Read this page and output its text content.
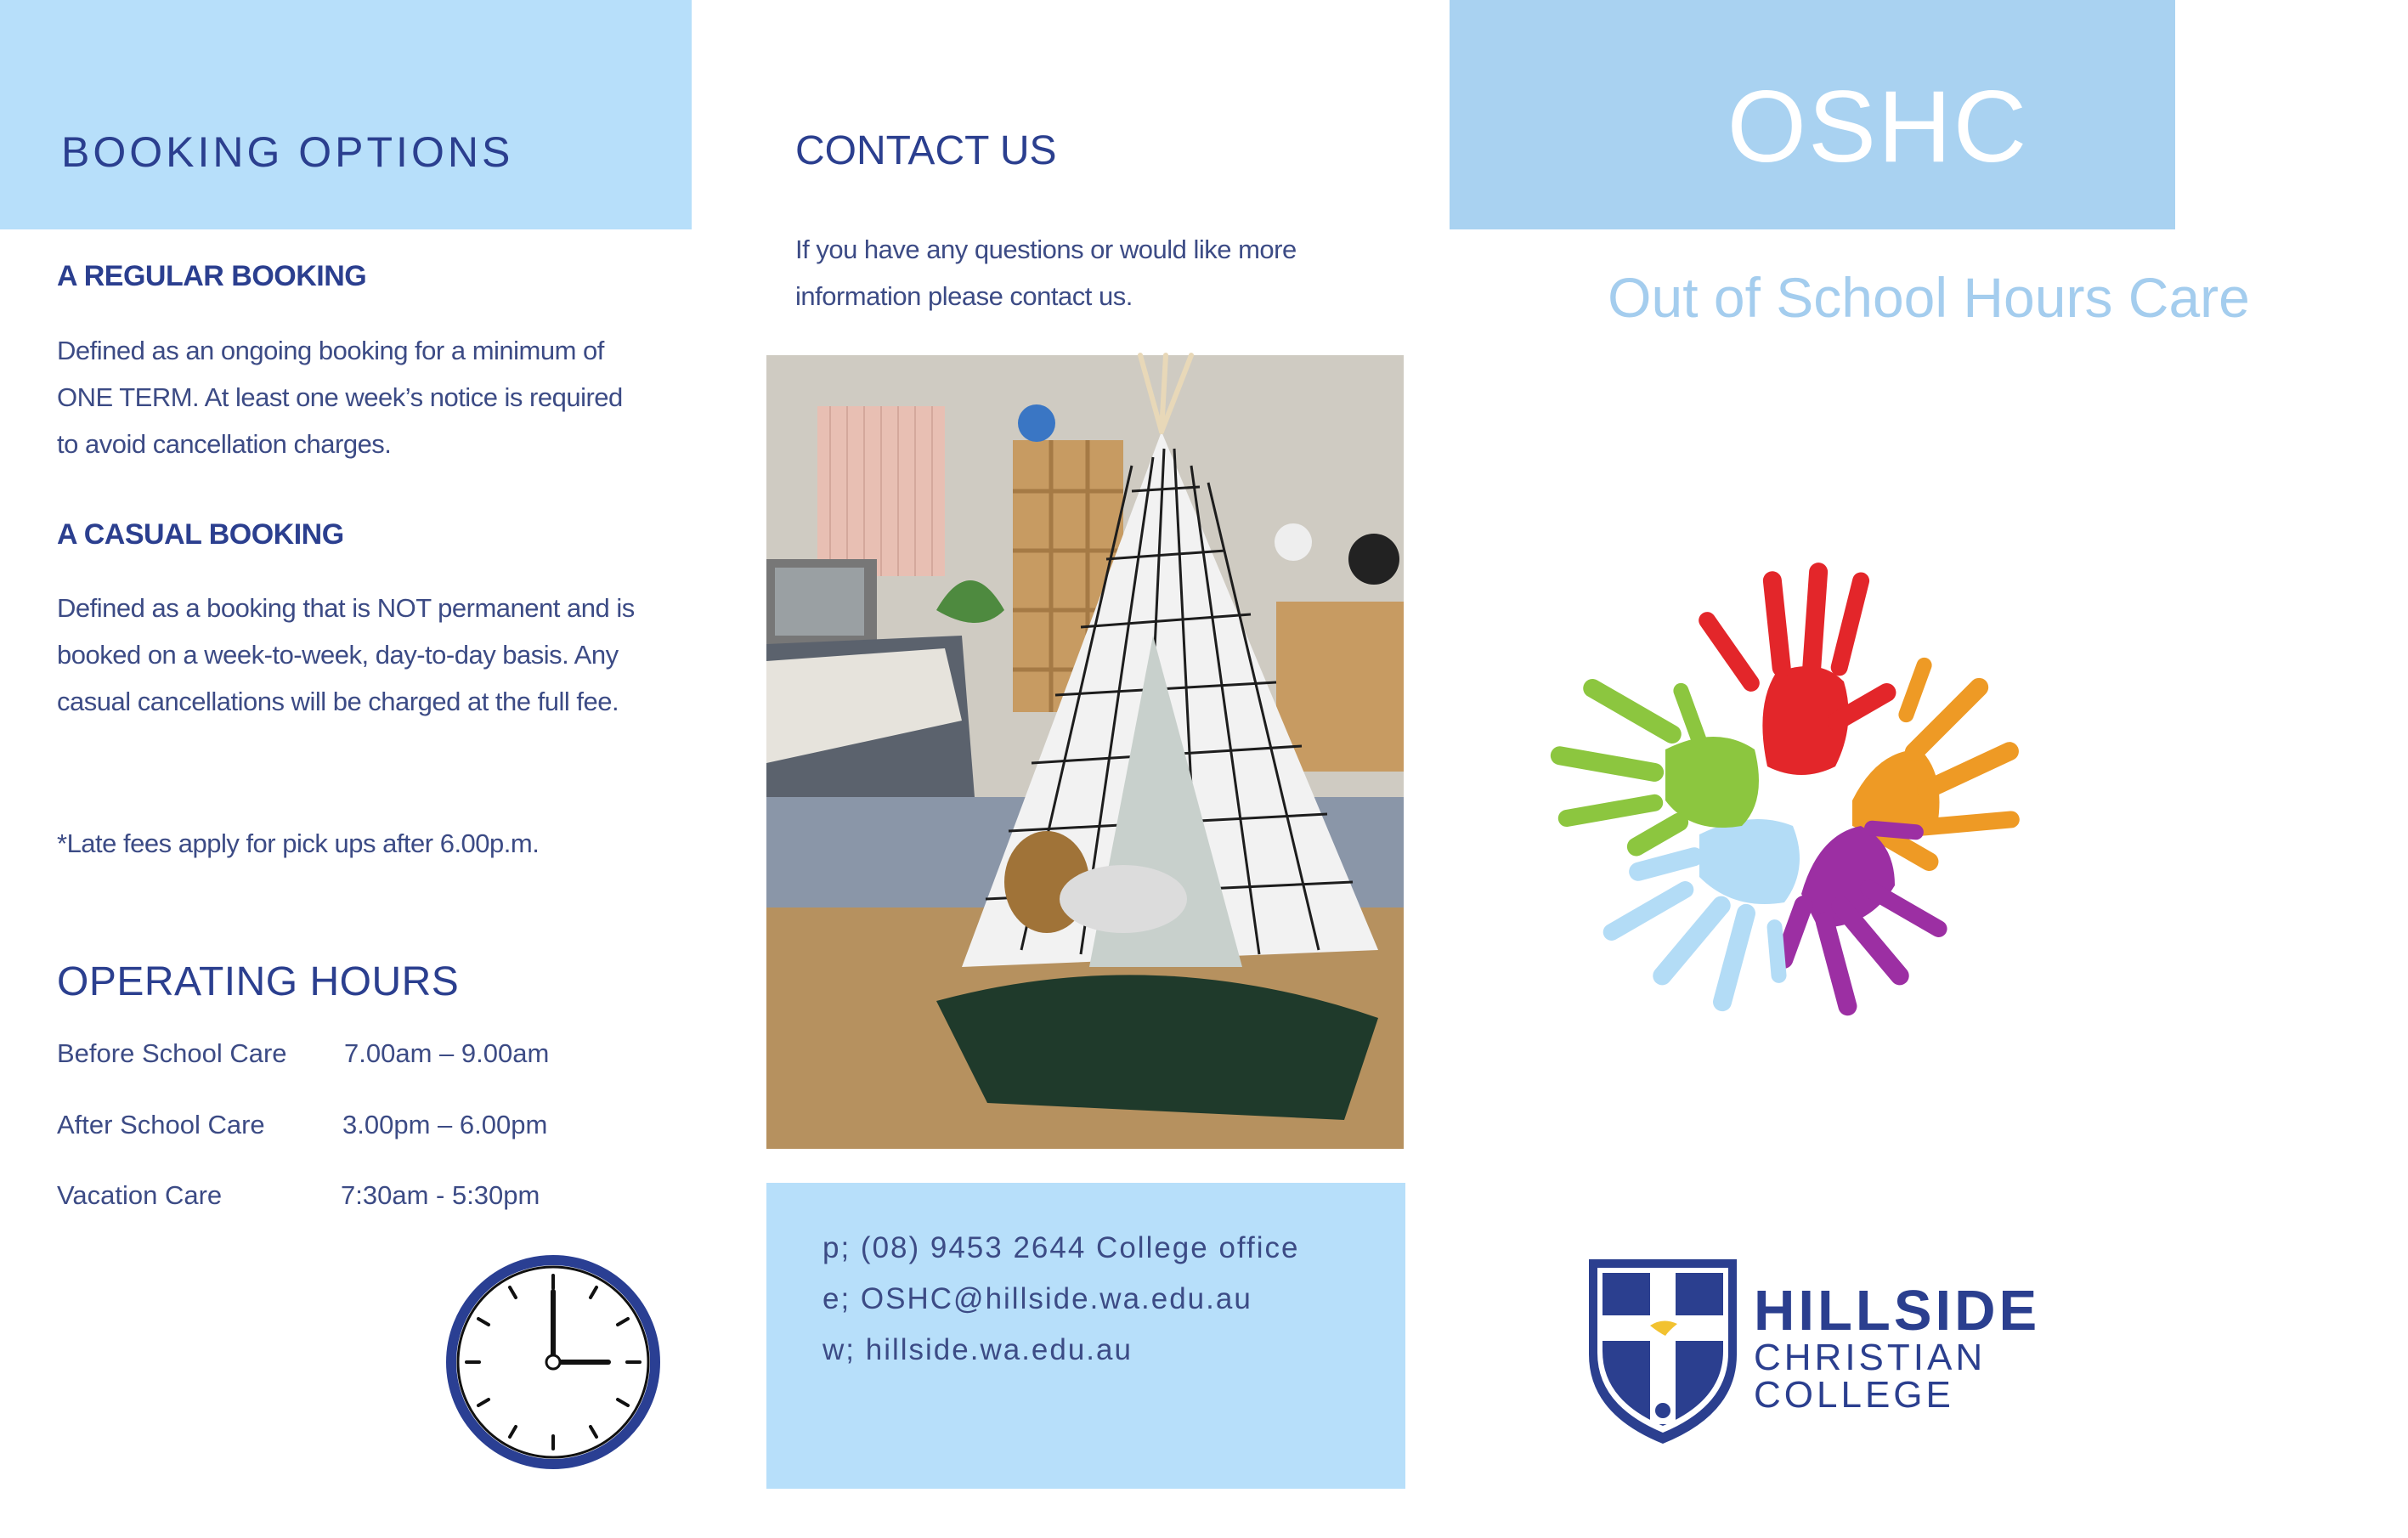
BOOKING OPTIONS
A REGULAR BOOKING
Defined as an ongoing booking for a minimum of ONE TERM. At least one week’s notice is required to avoid cancellation charges.
A CASUAL BOOKING
Defined as a booking that is NOT permanent and is booked on a week-to-week, day-to-day basis. Any casual cancellations will be charged at the full fee.
*Late fees apply for pick ups after 6.00p.m.
OPERATING HOURS
Before School Care 7.00am – 9.00am
After School Care	3.00pm – 6.00pm
Vacation Care	7:30am - 5:30pm
CONTACT US
If you have any questions or would like more information please contact us.
p; (08) 9453 2644 College office
e; OSHC@hillside.wa.edu.au
w; hillside.wa.edu.au
OSHC
Out of School Hours Care
HILLSIDE
CHRISTIAN
COLLEGE
